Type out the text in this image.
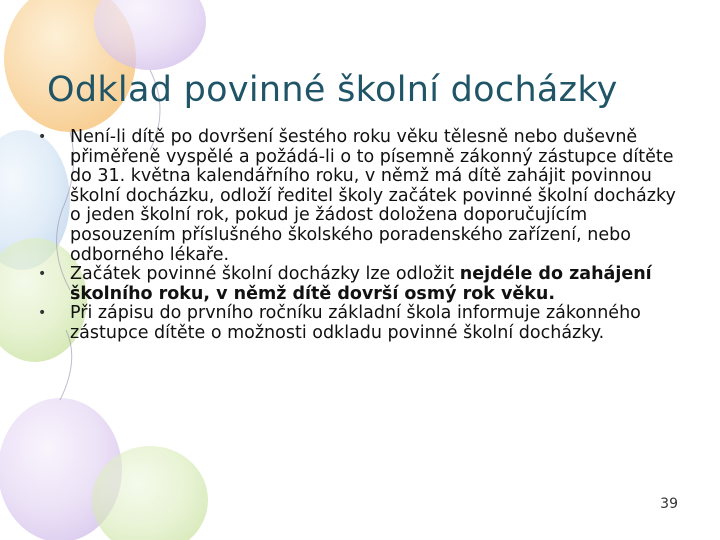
Odklad povinné školní docházky
• Není-li dítě po dovršení šestého roku věku tělesně nebo duševně přiměřeně vyspělé a požádá-li o to písemně zákonný zástupce dítěte do 31. května kalendářního roku, v němž má dítě zahájit povinnou školní docházku, odloží ředitel školy začátek povinné školní docházky o jeden školní rok, pokud je žádost doložena doporučujícím posouzením příslušného školského poradenského zařízení, nebo odborného lékaře.
• Začátek povinné školní docházky lze odložit nejdéle do zahájení školního roku, v němž dítě dovrší osmý rok věku.
• Při zápisu do prvního ročníku základní škola informuje zákonného zástupce dítěte o možnosti odkladu povinné školní docházky.
39
